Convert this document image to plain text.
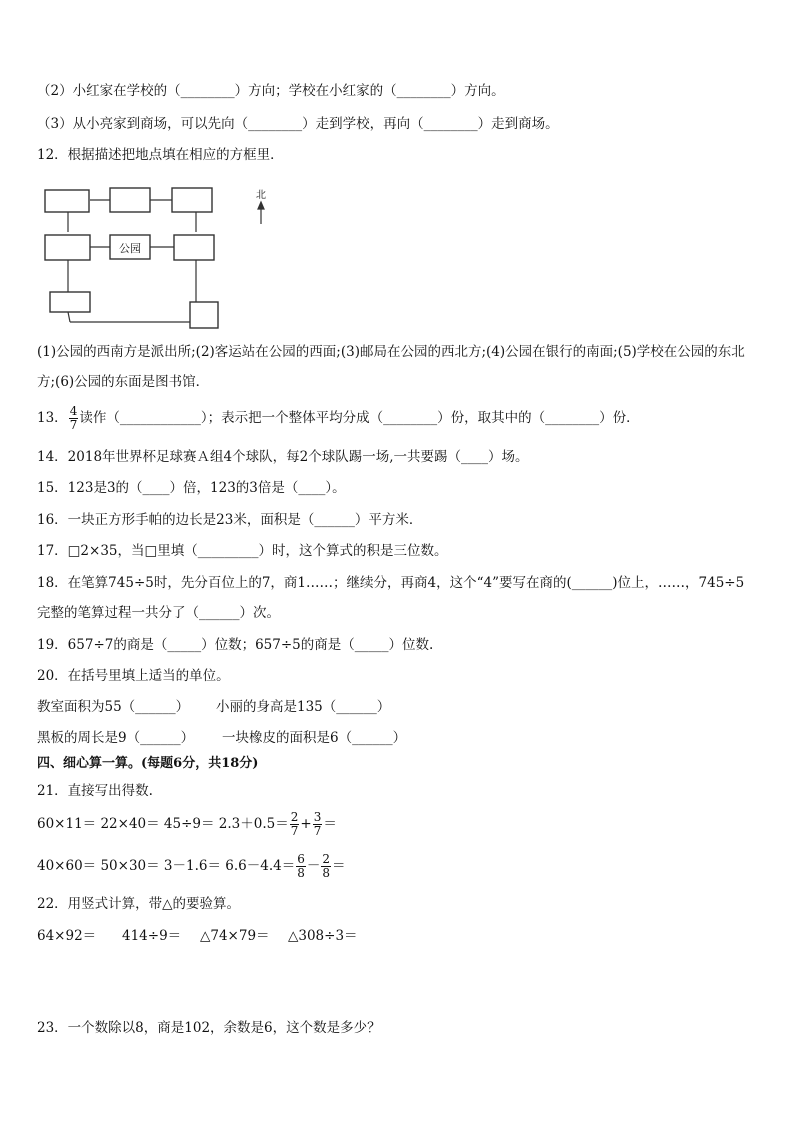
（2）小红家在学校的（________）方向；学校在小红家的（________）方向。
（3）从小亮家到商场，可以先向（________）走到学校，再向（________）走到商场。
12．根据描述把地点填在相应的方框里．
公园
北
(1)公园的西南方是派出所;(2)客运站在公园的西面;(3)邮局在公园的西北方;(4)公园在银行的南面;(5)学校在公园的东北
方;(6)公园的东面是图书馆．
13． $\frac{4}{7}$ 读作（____________）；表示把一个整体平均分成（________）份，取其中的（________）份．
14．2018年世界杯足球赛Ａ组4个球队，每2个球队踢一场,一共要踢（____）场。
15．123是3的（____）倍，123的3倍是（____）。
16．一块正方形手帕的边长是23米，面积是（______）平方米．
17．□2×35，当□里填（_________）时，这个算式的积是三位数。
18．在笔算745÷5时，先分百位上的7，商1……；继续分，再商4，这个“4”要写在商的(______)位上，……，745÷5
完整的笔算过程一共分了（______）次。
19．657÷7的商是（_____）位数；657÷5的商是（_____）位数.
20．在括号里填上适当的单位。
教室面积为55（______） 小丽的身高是135（______）
黑板的周长是9（______） 一块橡皮的面积是6（______）
四、细心算一算。(每题6分，共18分)
21．直接写出得数.
$60\times 11= 22\times 40= 45\div 9= 2.3+0.5= \frac{2}{7} + \frac{3}{7}$ ＝
$40\times 60= 50\times 30= 3-1.6= 6.6-4.4= \frac{6}{8} - \frac{2}{8}$ ＝
22．用竖式计算，带△的要验算。
64×92＝ 414÷9＝ △74×79＝ △308÷3＝
23．一个数除以8，商是102，余数是6，这个数是多少？
